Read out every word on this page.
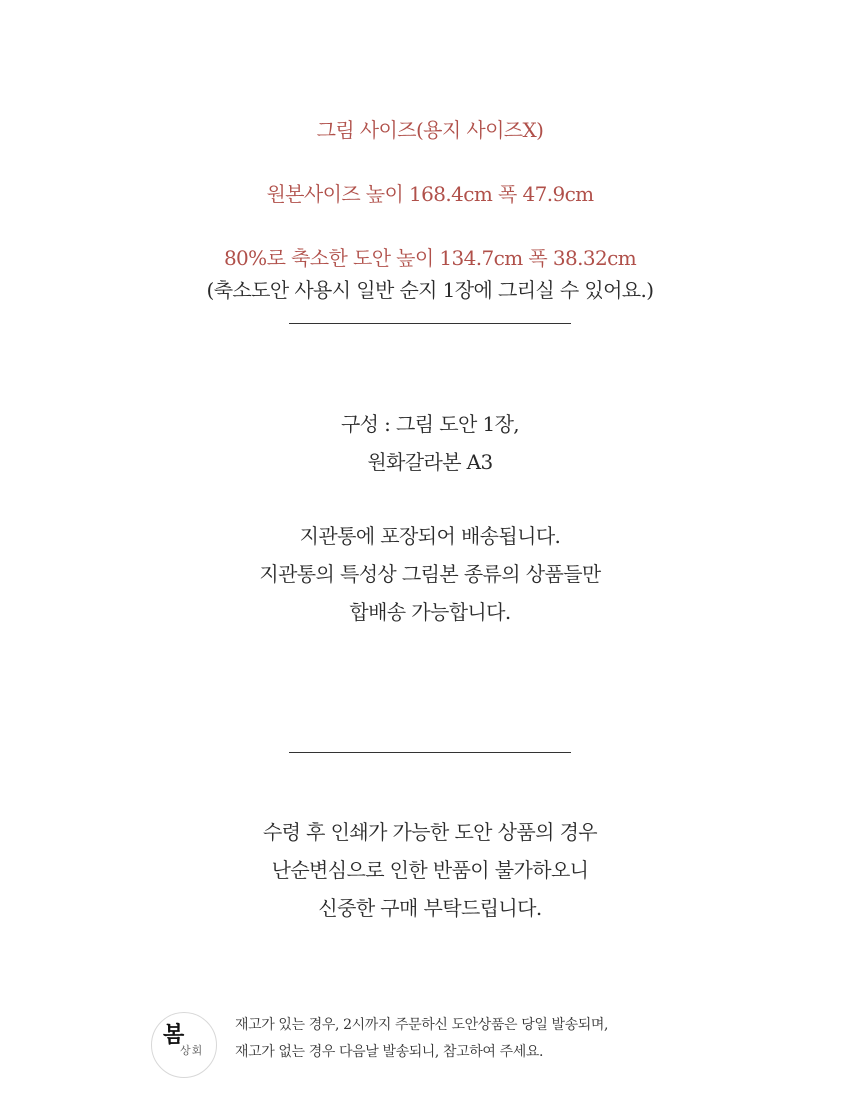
그림 사이즈(용지 사이즈X)
원본사이즈 높이 168.4cm 폭 47.9cm
80%로 축소한 도안 높이 134.7cm 폭 38.32cm
(축소도안 사용시 일반 순지 1장에 그리실 수 있어요.)
구성 : 그림 도안 1장,
원화갈라본 A3
지관통에 포장되어 배송됩니다.
지관통의 특성상 그림본 종류의 상품들만
합배송 가능합니다.
수령 후 인쇄가 가능한 도안 상품의 경우
난순변심으로 인한 반품이 불가하오니
신중한 구매 부탁드립니다.
봄
상회
재고가 있는 경우, 2시까지 주문하신 도안상품은 당일 발송되며,
재고가 없는 경우 다음날 발송되니, 참고하여 주세요.
